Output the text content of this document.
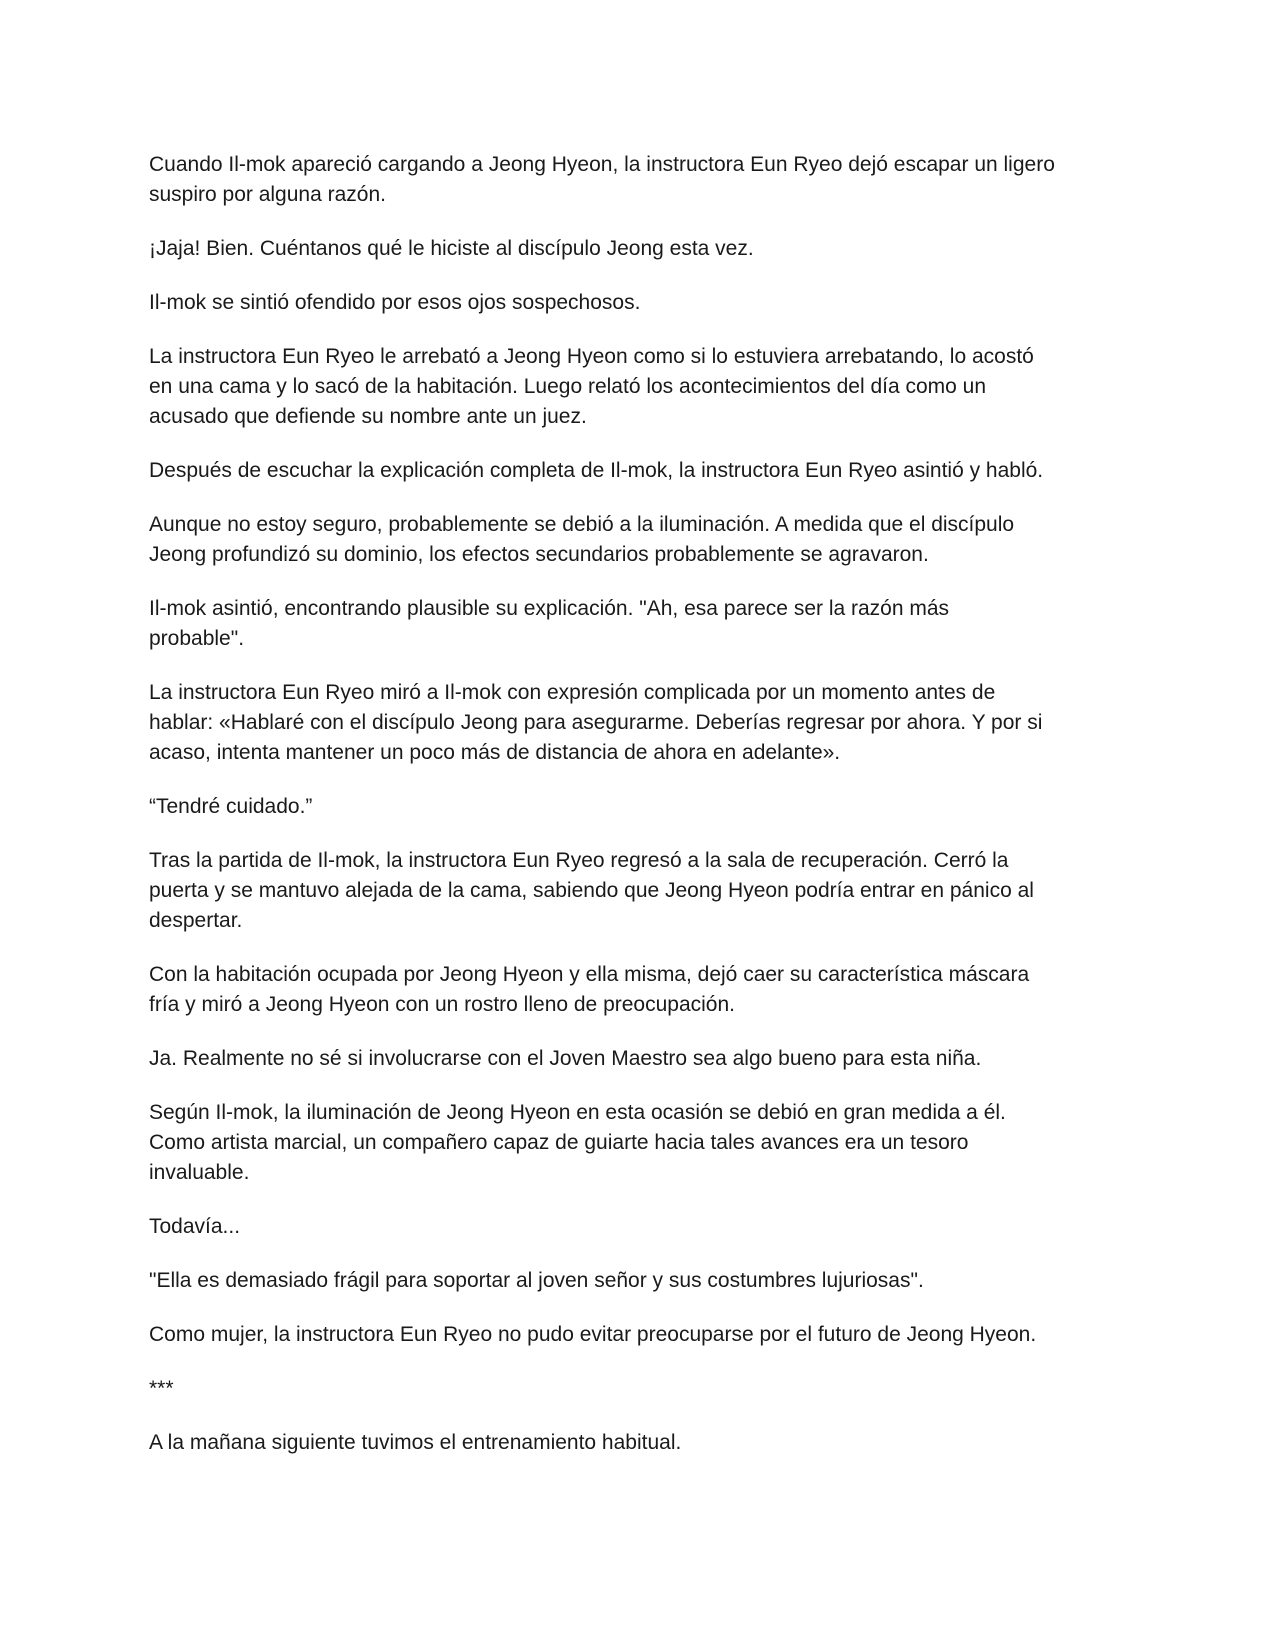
Cuando Il-mok apareció cargando a Jeong Hyeon, la instructora Eun Ryeo dejó escapar un ligero
suspiro por alguna razón.

¡Jaja! Bien. Cuéntanos qué le hiciste al discípulo Jeong esta vez.

Il-mok se sintió ofendido por esos ojos sospechosos.

La instructora Eun Ryeo le arrebató a Jeong Hyeon como si lo estuviera arrebatando, lo acostó
en una cama y lo sacó de la habitación. Luego relató los acontecimientos del día como un
acusado que defiende su nombre ante un juez.

Después de escuchar la explicación completa de Il-mok, la instructora Eun Ryeo asintió y habló.

Aunque no estoy seguro, probablemente se debió a la iluminación. A medida que el discípulo
Jeong profundizó su dominio, los efectos secundarios probablemente se agravaron.

Il-mok asintió, encontrando plausible su explicación. "Ah, esa parece ser la razón más
probable".

La instructora Eun Ryeo miró a Il-mok con expresión complicada por un momento antes de
hablar: «Hablaré con el discípulo Jeong para asegurarme. Deberías regresar por ahora. Y por si
acaso, intenta mantener un poco más de distancia de ahora en adelante».

“Tendré cuidado.”

Tras la partida de Il-mok, la instructora Eun Ryeo regresó a la sala de recuperación. Cerró la
puerta y se mantuvo alejada de la cama, sabiendo que Jeong Hyeon podría entrar en pánico al
despertar.

Con la habitación ocupada por Jeong Hyeon y ella misma, dejó caer su característica máscara
fría y miró a Jeong Hyeon con un rostro lleno de preocupación.

Ja. Realmente no sé si involucrarse con el Joven Maestro sea algo bueno para esta niña.

Según Il-mok, la iluminación de Jeong Hyeon en esta ocasión se debió en gran medida a él.
Como artista marcial, un compañero capaz de guiarte hacia tales avances era un tesoro
invaluable.

Todavía...

"Ella es demasiado frágil para soportar al joven señor y sus costumbres lujuriosas".

Como mujer, la instructora Eun Ryeo no pudo evitar preocuparse por el futuro de Jeong Hyeon.

***

A la mañana siguiente tuvimos el entrenamiento habitual.
